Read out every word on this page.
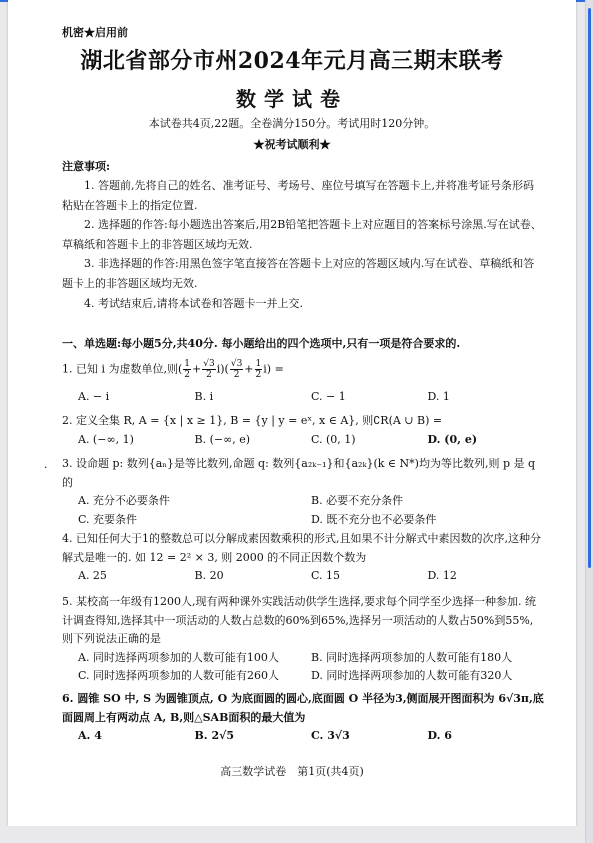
机密★启用前
湖北省部分市州2024年元月高三期末联考
数学试卷
本试卷共4页,22题。全卷满分150分。考试用时120分钟。
★祝考试顺利★
注意事项:

1. 答题前,先将自己的姓名、准考证号、考场号、座位号填写在答题卡上,并将准考证号条形码粘贴在答题卡上的指定位置.

2. 选择题的作答:每小题选出答案后,用2B铅笔把答题卡上对应题目的答案标号涂黑.写在试卷、草稿纸和答题卡上的非答题区域均无效.

3. 非选择题的作答:用黑色签字笔直接答在答题卡上对应的答题区域内.写在试卷、草稿纸和答题卡上的非答题区域均无效.

4. 考试结束后,请将本试卷和答题卡一并上交.

一、单选题:每小题5分,共40分. 每小题给出的四个选项中,只有一项是符合要求的.

1. 已知 i 为虚数单位,则( $\frac{1}{2} + \frac{√3}{2} i)( \frac{√3}{2} + \frac{1}{2} i)$ =

A. − i	B. i	C. − 1	D. 1

2. 定义全集 R, A = {x | x ≥ 1}, B = {y | y = eˣ, x ∈ A}, 则∁R(A ∪ B) =

A. (−∞, 1)	B. (−∞, e)	C. (0, 1)	D. (0, e)
. 3. 设命题 p: 数列{aₙ}是等比数列,命题 q: 数列{a₂ₖ₋₁}和{a₂ₖ}(k ∈ N*)均为等比数列,则 p 是 q 的

A. 充分不必要条件	B. 必要不充分条件
C. 充要条件	D. 既不充分也不必要条件

4. 已知任何大于1的整数总可以分解成素因数乘积的形式,且如果不计分解式中素因数的次序,这种分解式是唯一的. 如 12 = 2² × 3, 则 2000 的不同正因数个数为

A. 25	B. 20	C. 15	D. 12

5. 某校高一年级有1200人,现有两种课外实践活动供学生选择,要求每个同学至少选择一种参加. 统计调查得知,选择其中一项活动的人数占总数的60%到65%,选择另一项活动的人数占50%到55%,则下列说法正确的是

A. 同时选择两项参加的人数可能有100人	B. 同时选择两项参加的人数可能有180人
C. 同时选择两项参加的人数可能有260人	D. 同时选择两项参加的人数可能有320人

6. 圆锥 SO 中, S 为圆锥顶点, O 为底面圆的圆心,底面圆 O 半径为3,侧面展开图面积为 6√3π,底面圆周上有两动点 A, B,则△SAB面积的最大值为

A. 4	B. 2√5	C. 3√3	D. 6
高三数学试卷　第1页(共4页)
